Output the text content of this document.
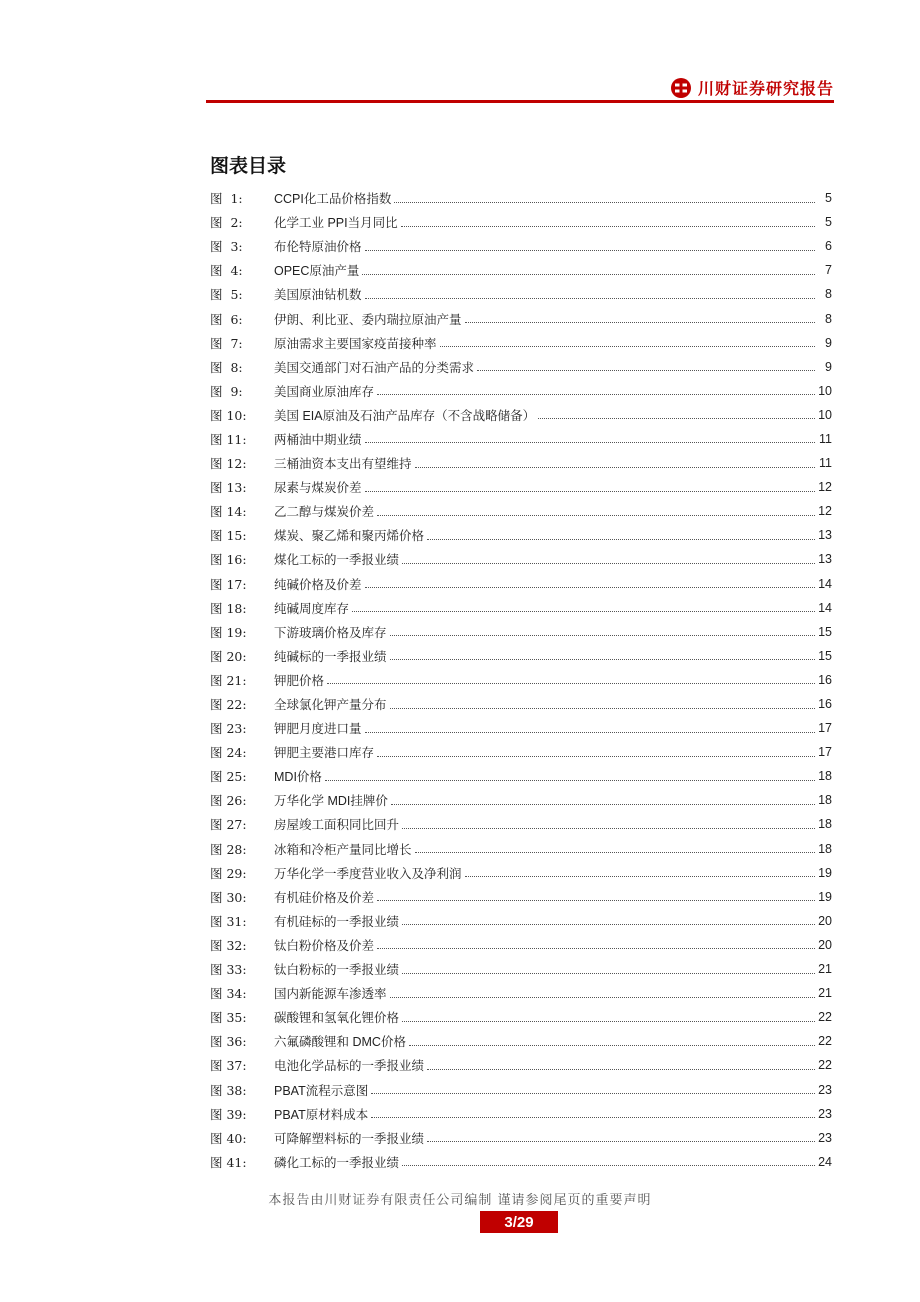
川财证券研究报告
图表目录
图  1:	CCPI化工品价格指数	5
图  2:	化学工业 PPI当月同比	5
图  3:	布伦特原油价格	6
图  4:	OPEC原油产量	7
图  5:	美国原油钻机数	8
图  6:	伊朗、利比亚、委内瑞拉原油产量	8
图  7:	原油需求主要国家疫苗接种率	9
图  8:	美国交通部门对石油产品的分类需求	9
图  9:	美国商业原油库存	10
图 10:	美国 EIA原油及石油产品库存（不含战略储备）	10
图 11:	两桶油中期业绩	11
图 12:	三桶油资本支出有望维持	11
图 13:	尿素与煤炭价差	12
图 14:	乙二醇与煤炭价差	12
图 15:	煤炭、聚乙烯和聚丙烯价格	13
图 16:	煤化工标的一季报业绩	13
图 17:	纯碱价格及价差	14
图 18:	纯碱周度库存	14
图 19:	下游玻璃价格及库存	15
图 20:	纯碱标的一季报业绩	15
图 21:	钾肥价格	16
图 22:	全球氯化钾产量分布	16
图 23:	钾肥月度进口量	17
图 24:	钾肥主要港口库存	17
图 25:	MDI价格	18
图 26:	万华化学 MDI挂牌价	18
图 27:	房屋竣工面积同比回升	18
图 28:	冰箱和冷柜产量同比增长	18
图 29:	万华化学一季度营业收入及净利润	19
图 30:	有机硅价格及价差	19
图 31:	有机硅标的一季报业绩	20
图 32:	钛白粉价格及价差	20
图 33:	钛白粉标的一季报业绩	21
图 34:	国内新能源车渗透率	21
图 35:	碳酸锂和氢氧化锂价格	22
图 36:	六氟磷酸锂和 DMC价格	22
图 37:	电池化学品标的一季报业绩	22
图 38:	PBAT流程示意图	23
图 39:	PBAT原材料成本	23
图 40:	可降解塑料标的一季报业绩	23
图 41:	磷化工标的一季报业绩	24
本报告由川财证券有限责任公司编制 谨请参阅尾页的重要声明
3/29
